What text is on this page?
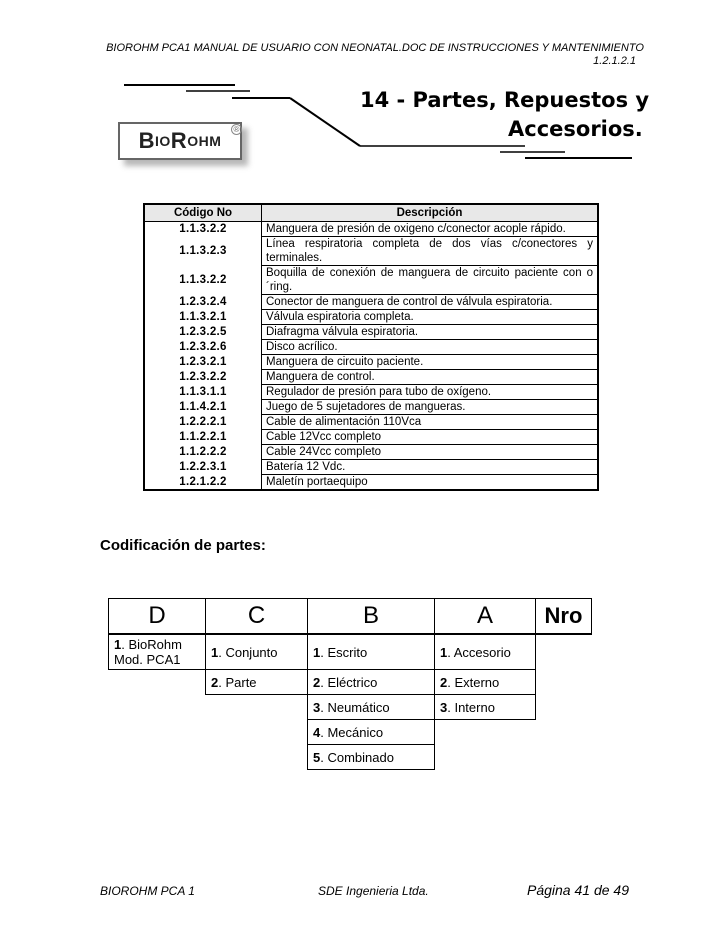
BIOROHM PCA1 MANUAL DE USUARIO CON NEONATAL.DOC DE INSTRUCCIONES Y MANTENIMIENTO
1.2.1.2.1
B IO R O HM
®
14 - Partes, Repuestos y
Accesorios.
Código No	Descripción
1.1.3.2.2	Manguera de presión de oxigeno c/conector acople rápido.
1.1.3.2.3	Línea respiratoria completa de dos vías c/conectores y terminales.
1.1.3.2.2	Boquilla de conexión de manguera de circuito paciente con o´ring.
1.2.3.2.4	Conector de manguera de control de válvula espiratoria.
1.1.3.2.1	Válvula espiratoria completa.
1.2.3.2.5	Diafragma válvula espiratoria.
1.2.3.2.6	Disco acrílico.
1.2.3.2.1	Manguera de circuito paciente.
1.2.3.2.2	Manguera de control.
1.1.3.1.1	Regulador de presión para tubo de oxígeno.
1.1.4.2.1	Juego de 5 sujetadores de mangueras.
1.2.2.2.1	Cable de alimentación 110Vca
1.1.2.2.1	Cable 12Vcc completo
1.1.2.2.2	Cable 24Vcc completo
1.2.2.3.1	Batería 12 Vdc.
1.2.1.2.2	Maletín portaequipo
Codificación de partes:
D	C	B	A	Nro
1. BioRohm Mod. PCA1	1. Conjunto	1. Escrito	1. Accesorio	
	2. Parte	2. Eléctrico	2. Externo	
		3. Neumático	3. Interno	
		4. Mecánico		
		5. Combinado		
BIOROHM PCA 1	SDE Ingenieria Ltda.	Página 41 de 49
